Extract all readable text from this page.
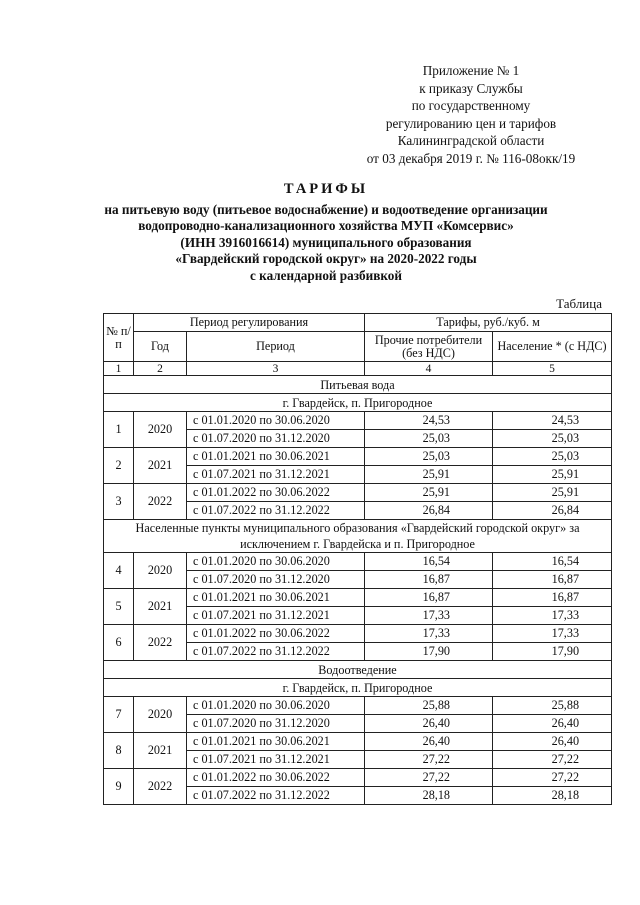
Приложение № 1
к приказу Службы
по государственному
регулированию цен и тарифов
Калининградской области
от 03 декабря 2019 г. № 116-08окк/19
ТАРИФЫ
на питьевую воду (питьевое водоснабжение) и водоотведение организации
водопроводно-канализационного хозяйства МУП «Комсервис»
(ИНН 3916016614) муниципального образования
«Гвардейский городской округ» на 2020-2022 годы
с календарной разбивкой
Таблица
№ п/п	Период регулирования		Тарифы, руб./куб. м	
	Год	Период	Прочие потребители (без НДС)	Население * (с НДС)
1	2	3	4	5
Питьевая вода				
г. Гвардейск, п. Пригородное				
1	2020	с 01.01.2020 по 30.06.2020	24,53	24,53
		с 01.07.2020 по 31.12.2020	25,03	25,03
2	2021	с 01.01.2021 по 30.06.2021	25,03	25,03
		с 01.07.2021 по 31.12.2021	25,91	25,91
3	2022	с 01.01.2022 по 30.06.2022	25,91	25,91
		с 01.07.2022 по 31.12.2022	26,84	26,84
Населенные пункты муниципального образования «Гвардейский городской округ» за исключением г. Гвардейска и п. Пригородное				
4	2020	с 01.01.2020 по 30.06.2020	16,54	16,54
		с 01.07.2020 по 31.12.2020	16,87	16,87
5	2021	с 01.01.2021 по 30.06.2021	16,87	16,87
		с 01.07.2021 по 31.12.2021	17,33	17,33
6	2022	с 01.01.2022 по 30.06.2022	17,33	17,33
		с 01.07.2022 по 31.12.2022	17,90	17,90
Водоотведение				
г. Гвардейск, п. Пригородное				
7	2020	с 01.01.2020 по 30.06.2020	25,88	25,88
		с 01.07.2020 по 31.12.2020	26,40	26,40
8	2021	с 01.01.2021 по 30.06.2021	26,40	26,40
		с 01.07.2021 по 31.12.2021	27,22	27,22
9	2022	с 01.01.2022 по 30.06.2022	27,22	27,22
		с 01.07.2022 по 31.12.2022	28,18	28,18
